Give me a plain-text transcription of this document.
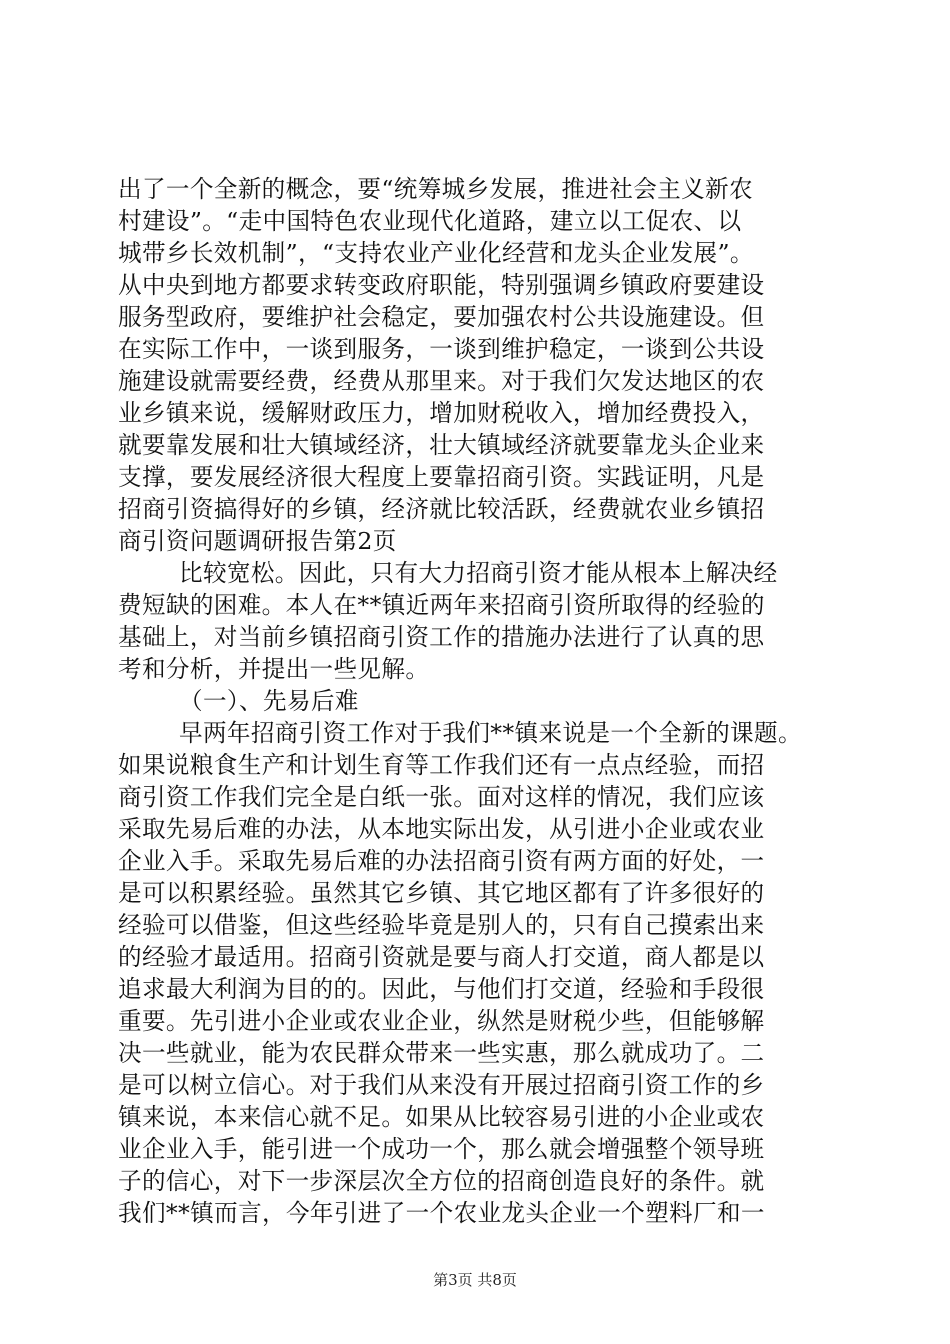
出了一个全新的概念，要“统筹城乡发展，推进社会主义新农
村建设”。“走中国特色农业现代化道路，建立以工促农、以
城带乡长效机制”，“支持农业产业化经营和龙头企业发展”。
从中央到地方都要求转变政府职能，特别强调乡镇政府要建设
服务型政府，要维护社会稳定，要加强农村公共设施建设。但
在实际工作中，一谈到服务，一谈到维护稳定，一谈到公共设
施建设就需要经费，经费从那里来。对于我们欠发达地区的农
业乡镇来说，缓解财政压力，增加财税收入，增加经费投入，
就要靠发展和壮大镇域经济，壮大镇域经济就要靠龙头企业来
支撑，要发展经济很大程度上要靠招商引资。实践证明，凡是
招商引资搞得好的乡镇，经济就比较活跃，经费就农业乡镇招
商引资问题调研报告第2页
比较宽松。因此，只有大力招商引资才能从根本上解决经
费短缺的困难。本人在**镇近两年来招商引资所取得的经验的
基础上，对当前乡镇招商引资工作的措施办法进行了认真的思
考和分析，并提出一些见解。
（一）、先易后难
早两年招商引资工作对于我们**镇来说是一个全新的课题。
如果说粮食生产和计划生育等工作我们还有一点点经验，而招
商引资工作我们完全是白纸一张。面对这样的情况，我们应该
采取先易后难的办法，从本地实际出发，从引进小企业或农业
企业入手。采取先易后难的办法招商引资有两方面的好处，一
是可以积累经验。虽然其它乡镇、其它地区都有了许多很好的
经验可以借鉴，但这些经验毕竟是别人的，只有自己摸索出来
的经验才最适用。招商引资就是要与商人打交道，商人都是以
追求最大利润为目的的。因此，与他们打交道，经验和手段很
重要。先引进小企业或农业企业，纵然是财税少些，但能够解
决一些就业，能为农民群众带来一些实惠，那么就成功了。二
是可以树立信心。对于我们从来没有开展过招商引资工作的乡
镇来说，本来信心就不足。如果从比较容易引进的小企业或农
业企业入手，能引进一个成功一个，那么就会增强整个领导班
子的信心，对下一步深层次全方位的招商创造良好的条件。就
我们**镇而言，今年引进了一个农业龙头企业一个塑料厂和一
第3页 共8页
